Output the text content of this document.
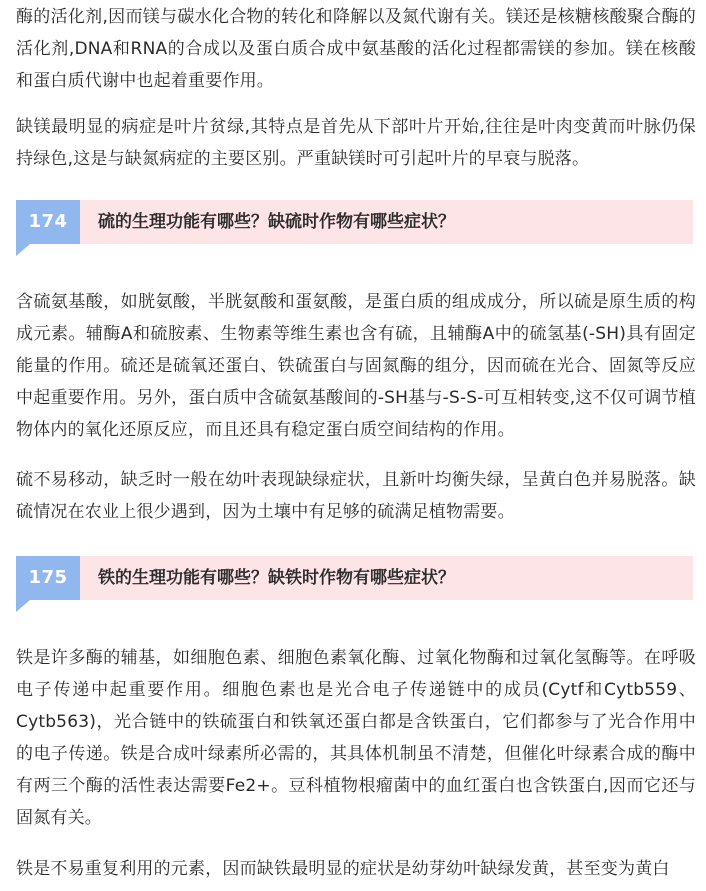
酶的活化剂,因而镁与碳水化合物的转化和降解以及氮代谢有关。镁还是核糖核酸聚合酶的活化剂,DNA和RNA的合成以及蛋白质合成中氨基酸的活化过程都需镁的参加。镁在核酸和蛋白质代谢中也起着重要作用。

缺镁最明显的病症是叶片贫绿,其特点是首先从下部叶片开始,往往是叶肉变黄而叶脉仍保持绿色,这是与缺氮病症的主要区别。严重缺镁时可引起叶片的早衰与脱落。

174	硫的生理功能有哪些？缺硫时作物有哪些症状？

含硫氨基酸，如胱氨酸，半胱氨酸和蛋氨酸，是蛋白质的组成成分，所以硫是原生质的构成元素。辅酶A和硫胺素、生物素等维生素也含有硫，且辅酶A中的硫氢基(-SH)具有固定能量的作用。硫还是硫氧还蛋白、铁硫蛋白与固氮酶的组分，因而硫在光合、固氮等反应中起重要作用。另外，蛋白质中含硫氨基酸间的-SH基与-S-S-可互相转变,这不仅可调节植物体内的氧化还原反应，而且还具有稳定蛋白质空间结构的作用。

硫不易移动，缺乏时一般在幼叶表现缺绿症状，且新叶均衡失绿，呈黄白色并易脱落。缺硫情况在农业上很少遇到，因为土壤中有足够的硫满足植物需要。

175	铁的生理功能有哪些？缺铁时作物有哪些症状？

铁是许多酶的辅基，如细胞色素、细胞色素氧化酶、过氧化物酶和过氧化氢酶等。在呼吸电子传递中起重要作用。细胞色素也是光合电子传递链中的成员(Cytf和Cytb559、Cytb563)，光合链中的铁硫蛋白和铁氧还蛋白都是含铁蛋白，它们都参与了光合作用中的电子传递。铁是合成叶绿素所必需的，其具体机制虽不清楚，但催化叶绿素合成的酶中有两三个酶的活性表达需要Fe2+。豆科植物根瘤菌中的血红蛋白也含铁蛋白,因而它还与固氮有关。

铁是不易重复利用的元素，因而缺铁最明显的症状是幼芽幼叶缺绿发黄，甚至变为黄白
